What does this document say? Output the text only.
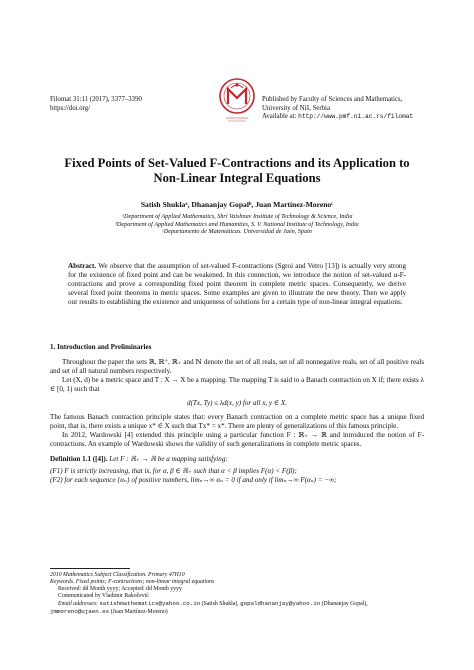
Filomat 31:11 (2017), 3377–3390
https://doi.org/
Published by Faculty of Sciences and Mathematics,
University of Niš, Serbia
Available at: http://www.pmf.ni.ac.rs/filomat
Fixed Points of Set-Valued F-Contractions and its Application to
Non-Linear Integral Equations
Satish Shuklaᵃ, Dhananjay Gopalᵇ, Juan Martínez-Morenoᶜ
ᵃDepartment of Applied Mathematics, Shri Vaishnav Institute of Technology & Science, India
ᵇDepartment of Applied Mathematics and Humanities, S. V. National Institute of Technology, India
ᶜDepartamento de Matemáticas. Universidad de Jaén, Spain

Abstract. We observe that the assumption of set-valued F-contractions (Sgroi and Vetro [13]) is actually very strong for the existence of fixed point and can be weakened. In this connection, we introduce the notion of set-valued α-F-contractions and prove a corresponding fixed point theorem in complete metric spaces. Consequently, we derive several fixed point theorems in metric spaces. Some examples are given to illustrate the new theory. Then we apply our results to establishing the existence and uniqueness of solutions for a certain type of non-linear integral equations.

1. Introduction and Preliminaries

Throughout the paper the sets ℝ, ℝ⁺, ℝ₊ and ℕ denote the set of all reals, set of all nonnegative reals, set of all positive reals and set of all natural numbers respectively.

Let (X, d) be a metric space and T : X → X be a mapping. The mapping T is said to a Banach contraction on X if; there exists λ ∈ [0, 1) such that

d(Tx, Ty) ≤ λd(x, y) for all x, y ∈ X.

The famous Banach contraction principle states that: every Banach contraction on a complete metric space has a unique fixed point, that is, there exists a unique x* ∈ X such that Tx* = x*. There are plenty of generalizations of this famous principle.

In 2012, Wardowski [4] extended this principle using a particular function F : ℝ₊ → ℝ and introduced the notion of F-contractions. An example of Wardowski shows the validity of such generalizations in complete metric spaces.

Definition 1.1 ([4]). Let F : ℝ₊ → ℝ be a mapping satisfying:

(F1) F is strictly increasing, that is, for α, β ∈ ℝ₊ such that α < β implies F(α) < F(β);

(F2) for each sequence {αₙ} of positive numbers, limₙ→∞ αₙ = 0 if and only if limₙ→∞ F(αₙ) = −∞;

2010 Mathematics Subject Classification. Primary 47H10
Keywords. Fixed points; F-contractions; non-linear integral equations
Received: dd Month yyyy; Accepted: dd Month yyyy
Communicated by Vladimir Rakočević
Email addresses: satishmathematics@yahoo.co.in (Satish Shukla), gopaldhananjay@yahoo.in (Dhananjay Gopal),
jmmoreno@ujaen.es (Juan Martínez-Moreno)
